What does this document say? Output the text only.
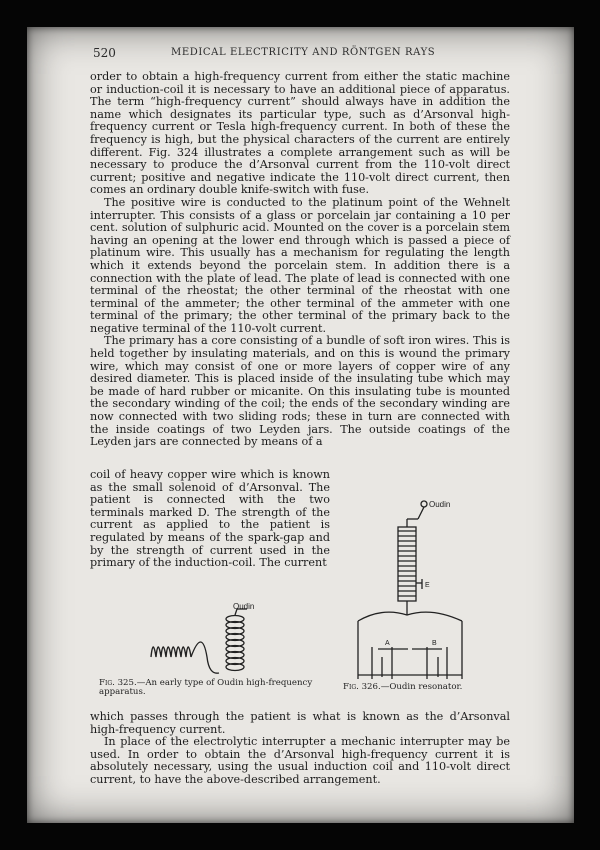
520	MEDICAL ELECTRICITY AND RÖNTGEN RAYS

order to obtain a high-frequency current from either the static machine or induction-coil it is necessary to have an additional piece of apparatus. The term “high-frequency current” should always have in addition the name which designates its particular type, such as d’Arsonval high-frequency current or Tesla high-frequency current. In both of these the frequency is high, but the physical characters of the current are entirely different. Fig. 324 illustrates a complete arrangement such as will be necessary to produce the d’Arsonval current from the 110-volt direct current; positive and negative indicate the 110-volt direct current, then comes an ordinary double knife-switch with fuse.

The positive wire is conducted to the platinum point of the Wehnelt interrupter. This consists of a glass or porcelain jar containing a 10 per cent. solution of sulphuric acid. Mounted on the cover is a porcelain stem having an opening at the lower end through which is passed a piece of platinum wire. This usually has a mechanism for regulating the length which it extends beyond the porcelain stem. In addition there is a connection with the plate of lead. The plate of lead is connected with one terminal of the rheostat; the other terminal of the rheostat with one terminal of the ammeter; the other terminal of the ammeter with one terminal of the primary; the other terminal of the primary back to the negative terminal of the 110-volt current.

The primary has a core consisting of a bundle of soft iron wires. This is held together by insulating materials, and on this is wound the primary wire, which may consist of one or more layers of copper wire of any desired diameter. This is placed inside of the insulating tube which may be made of hard rubber or micanite. On this insulating tube is mounted the secondary winding of the coil; the ends of the secondary winding are now connected with two sliding rods; these in turn are connected with the inside coatings of two Leyden jars. The outside coatings of the Leyden jars are connected by means of a

coil of heavy copper wire which is known as the small solenoid of d’Arsonval. The patient is connected with the two terminals marked D. The strength of the current as applied to the patient is regulated by means of the spark-gap and by the strength of current used in the primary of the induction-coil. The current
Oudin
Fig. 325.—An early type of Oudin high-frequency apparatus.
Oudin
E
A	B
Fig. 326.—Oudin resonator.

which passes through the patient is what is known as the d’Arsonval high-frequency current.

In place of the electrolytic interrupter a mechanic interrupter may be used. In order to obtain the d’Arsonval high-frequency current it is absolutely necessary, using the usual induction coil and 110-volt direct current, to have the above-described arrangement.
